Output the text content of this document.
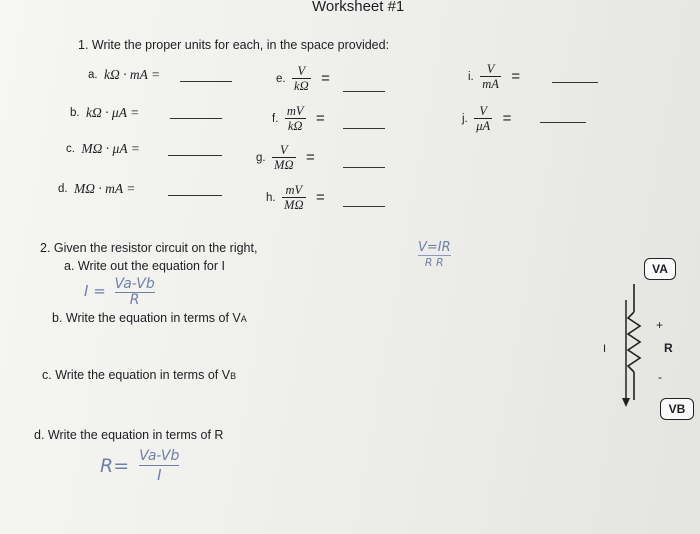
Worksheet #1
1. Write the proper units for each, in the space provided:
a. kΩ · mA =
b. kΩ · μA =
c. MΩ · μA =
d. MΩ · mA =
e. $\frac{V}{k\Omega}$ =
f. $\frac{mV}{k\Omega}$ =
g. $\frac{V}{M\Omega}$ =
h. $\frac{mV}{M\Omega}$ =
i. $\frac{V}{mA}$ =
j. $\frac{V}{\mu A}$ =
2. Given the resistor circuit on the right,
a. Write out the equation for I
$I = \frac{Va-Vb}{R}$
b. Write the equation in terms of VA
c. Write the equation in terms of VB
d. Write the equation in terms of R
$R= \frac{Va-Vb}{I}$
$\frac{V=IR}{\text{R R}}$	VA
VB
+
R
-
I
